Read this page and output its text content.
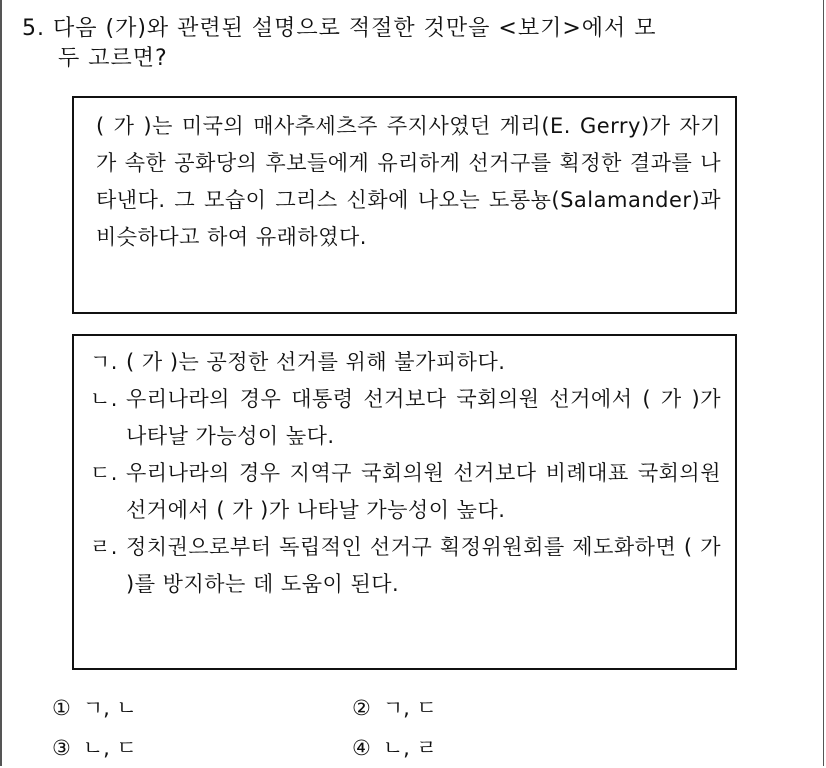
5. 다음 (가)와 관련된 설명으로 적절한 것만을 <보기>에서 모
두 고르면?
( 가 )는 미국의 매사추세츠주 주지사였던 게리(E. Gerry)가 자기가 속한 공화당의 후보들에게 유리하게 선거구를 획정한 결과를 나타낸다. 그 모습이 그리스 신화에 나오는 도롱뇽(Salamander)과 비슷하다고 하여 유래하였다.
ㄱ. ( 가 )는 공정한 선거를 위해 불가피하다.
ㄴ. 우리나라의 경우 대통령 선거보다 국회의원 선거에서 ( 가 )가 나타날 가능성이 높다.
ㄷ. 우리나라의 경우 지역구 국회의원 선거보다 비례대표 국회의원 선거에서 ( 가 )가 나타날 가능성이 높다.
ㄹ. 정치권으로부터 독립적인 선거구 획정위원회를 제도화하면 ( 가 )를 방지하는 데 도움이 된다.
① ㄱ, ㄴ	② ㄱ, ㄷ
③ ㄴ, ㄷ	④ ㄴ, ㄹ
